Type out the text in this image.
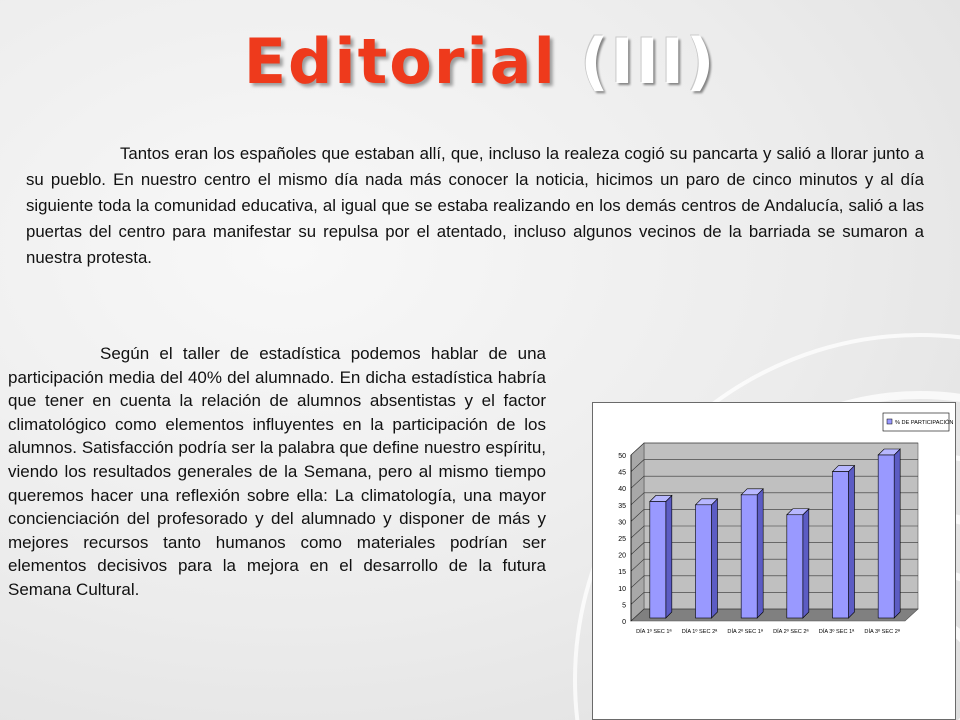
Editorial (III)
Tantos eran los españoles que estaban allí, que, incluso la realeza cogió su pancarta y salió a llorar junto a su pueblo. En nuestro centro el mismo día nada más conocer la noticia, hicimos un paro de cinco minutos y al día siguiente toda la comunidad educativa, al igual que se estaba realizando en los demás centros de Andalucía, salió a las puertas del centro para manifestar su repulsa por el atentado, incluso algunos vecinos de la barriada se sumaron a nuestra protesta.
Según el taller de estadística podemos hablar de una participación media del 40% del alumnado. En dicha estadística habría que tener en cuenta la relación de alumnos absentistas y el factor climatológico como elementos influyentes en la participación de los alumnos. Satisfacción podría ser la palabra que define nuestro espíritu, viendo los resultados generales de la Semana, pero al mismo tiempo queremos hacer una reflexión sobre ella: La climatología, una mayor concienciación del profesorado y del alumnado y disponer de más y mejores recursos tanto humanos como materiales podrían ser elementos decisivos para la mejora en el desarrollo de la futura Semana Cultural.
0
5
10
15
20
25
30
35
40
45
50
DÍA 1º SEC 1ª DÍA 1º SEC 2ª DÍA 2º SEC 1ª DÍA 2º SEC 2ª DÍA 3º SEC 1ª DÍA 3º SEC 2ª
% DE PARTICIPACIÓN
